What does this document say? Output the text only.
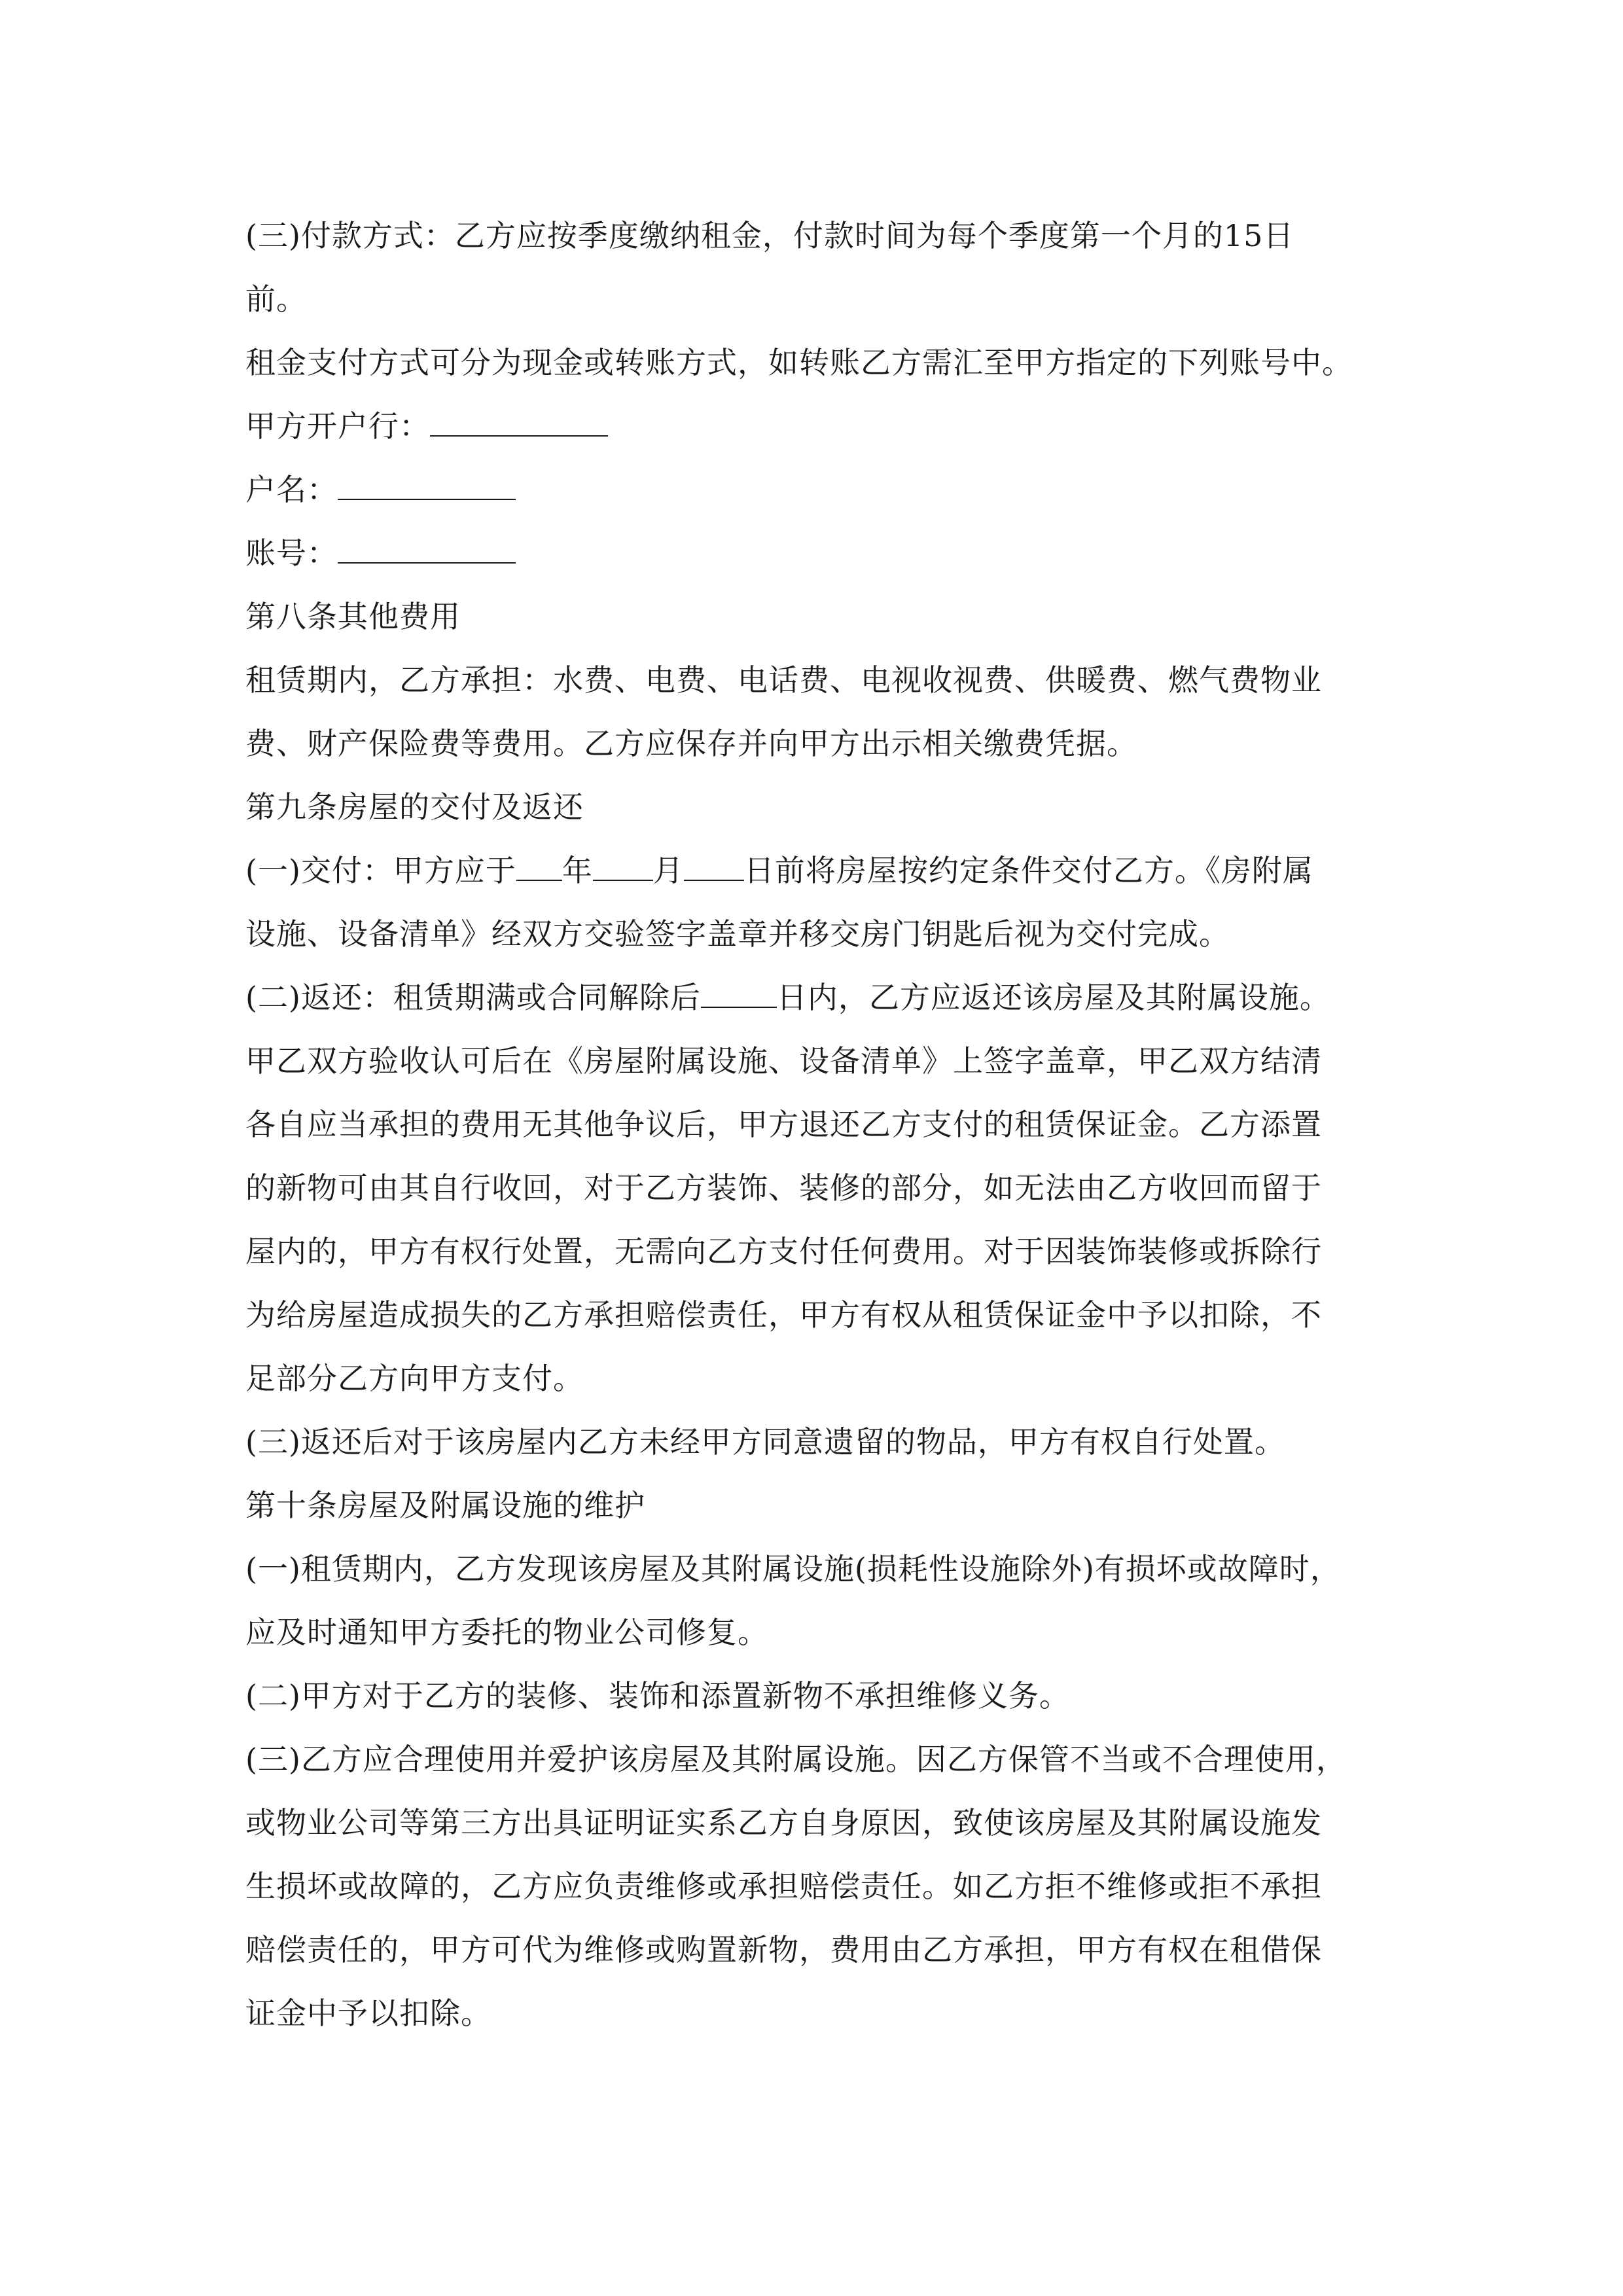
(三)付款方式：乙方应按季度缴纳租金，付款时间为每个季度第一个月的15日
前。
租金支付方式可分为现金或转账方式，如转账乙方需汇至甲方指定的下列账号中。
甲方开户行：
户名：
账号：
第八条其他费用
租赁期内，乙方承担：水费、电费、电话费、电视收视费、供暖费、燃气费物业
费、财产保险费等费用。乙方应保存并向甲方出示相关缴费凭据。
第九条房屋的交付及返还
(一)交付：甲方应于 年 月 日前将房屋按约定条件交付乙方。《房附属
设施、设备清单》经双方交验签字盖章并移交房门钥匙后视为交付完成。
(二)返还：租赁期满或合同解除后	日内，乙方应返还该房屋及其附属设施。
甲乙双方验收认可后在《房屋附属设施、设备清单》上签字盖章，甲乙双方结清
各自应当承担的费用无其他争议后，甲方退还乙方支付的租赁保证金。乙方添置
的新物可由其自行收回，对于乙方装饰、装修的部分，如无法由乙方收回而留于
屋内的，甲方有权行处置，无需向乙方支付任何费用。对于因装饰装修或拆除行
为给房屋造成损失的乙方承担赔偿责任，甲方有权从租赁保证金中予以扣除，不
足部分乙方向甲方支付。
(三)返还后对于该房屋内乙方未经甲方同意遗留的物品，甲方有权自行处置。
第十条房屋及附属设施的维护
(一)租赁期内，乙方发现该房屋及其附属设施(损耗性设施除外)有损坏或故障时，
应及时通知甲方委托的物业公司修复。
(二)甲方对于乙方的装修、装饰和添置新物不承担维修义务。
(三)乙方应合理使用并爱护该房屋及其附属设施。因乙方保管不当或不合理使用，
或物业公司等第三方出具证明证实系乙方自身原因，致使该房屋及其附属设施发
生损坏或故障的，乙方应负责维修或承担赔偿责任。如乙方拒不维修或拒不承担
赔偿责任的，甲方可代为维修或购置新物，费用由乙方承担，甲方有权在租借保
证金中予以扣除。
